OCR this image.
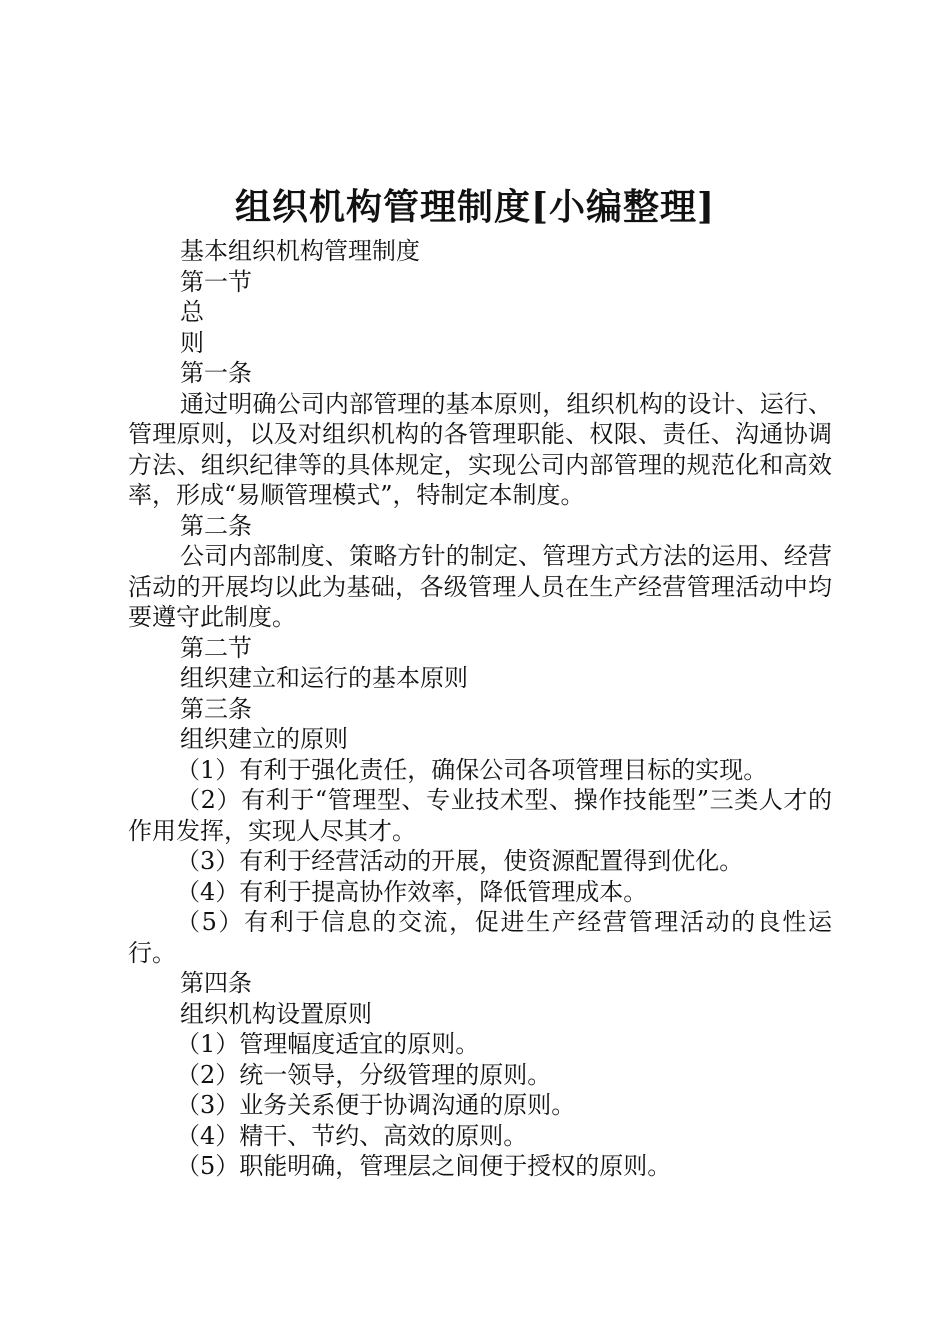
组织机构管理制度[小编整理]

基本组织机构管理制度

第一节

总

则

第一条

通过明确公司内部管理的基本原则，组织机构的设计、运行、管理原则，以及对组织机构的各管理职能、权限、责任、沟通协调方法、组织纪律等的具体规定，实现公司内部管理的规范化和高效率，形成“易顺管理模式”，特制定本制度。

第二条

公司内部制度、策略方针的制定、管理方式方法的运用、经营活动的开展均以此为基础，各级管理人员在生产经营管理活动中均要遵守此制度。

第二节

组织建立和运行的基本原则

第三条

组织建立的原则

（1）有利于强化责任，确保公司各项管理目标的实现。

（2）有利于“管理型、专业技术型、操作技能型”三类人才的作用发挥，实现人尽其才。

（3）有利于经营活动的开展，使资源配置得到优化。

（4）有利于提高协作效率，降低管理成本。

（5）有利于信息的交流，促进生产经营管理活动的良性运行。

第四条

组织机构设置原则

（1）管理幅度适宜的原则。

（2）统一领导，分级管理的原则。

（3）业务关系便于协调沟通的原则。

（4）精干、节约、高效的原则。

（5）职能明确，管理层之间便于授权的原则。
